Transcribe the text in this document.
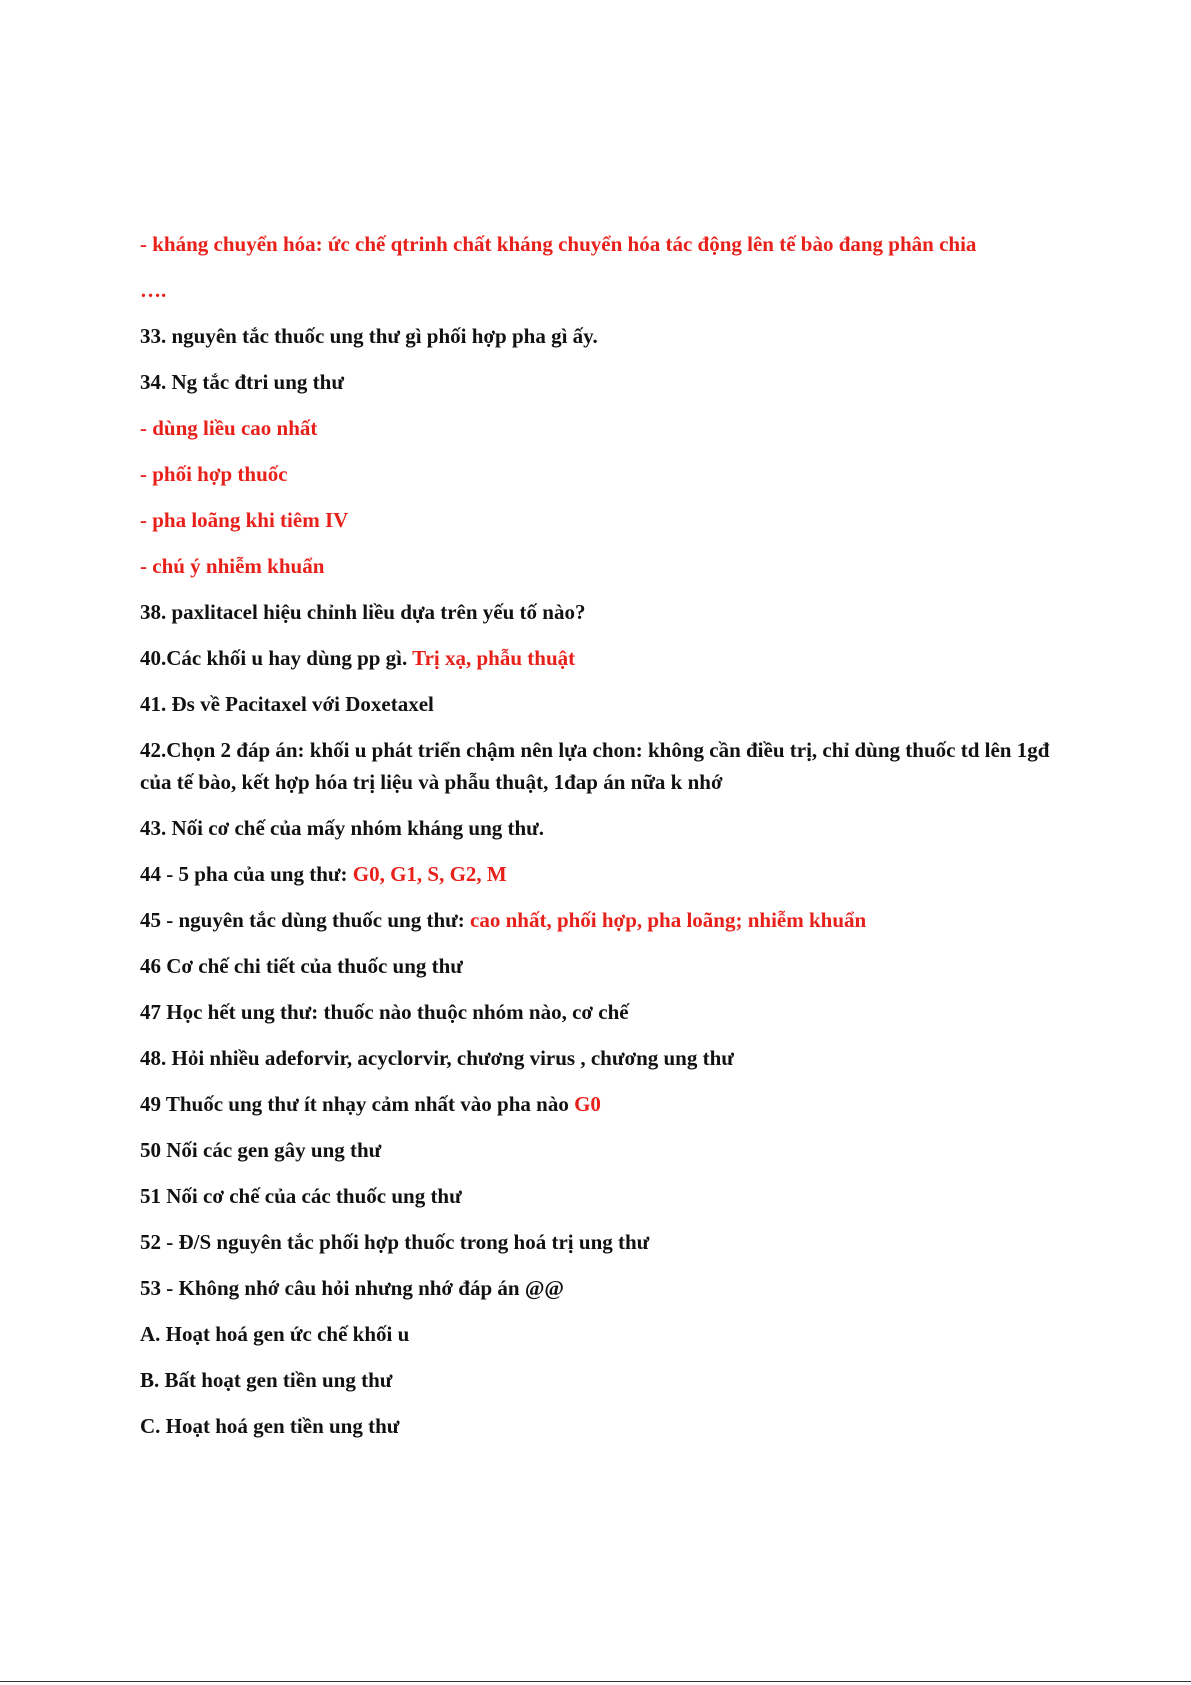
- kháng chuyển hóa: ức chế qtrinh chất kháng chuyển hóa tác động lên tế bào đang phân chia

….

33. nguyên tắc thuốc ung thư gì phối hợp pha gì ấy.

34. Ng tắc đtri ung thư

- dùng liều cao nhất

- phối hợp thuốc

- pha loãng khi tiêm IV

- chú ý nhiễm khuẩn

38. paxlitacel hiệu chỉnh liều dựa trên yếu tố nào?

40.Các khối u hay dùng pp gì. Trị xạ, phẫu thuật

41. Đs về Pacitaxel với Doxetaxel

42.Chọn 2 đáp án: khối u phát triển chậm nên lựa chon: không cần điều trị, chỉ dùng thuốc td lên 1gđ của tế bào, kết hợp hóa trị liệu và phẫu thuật, 1đap án nữa k nhớ

43. Nối cơ chế của mấy nhóm kháng ung thư.

44 - 5 pha của ung thư: G0, G1, S, G2, M

45 - nguyên tắc dùng thuốc ung thư: cao nhất, phối hợp, pha loãng; nhiễm khuẩn

46 Cơ chế chi tiết của thuốc ung thư

47 Học hết ung thư: thuốc nào thuộc nhóm nào, cơ chế

48. Hỏi nhiều adeforvir, acyclorvir, chương virus , chương ung thư

49 Thuốc ung thư ít nhạy cảm nhất vào pha nào G0

50 Nối các gen gây ung thư

51 Nối cơ chế của các thuốc ung thư

52 - Đ/S nguyên tắc phối hợp thuốc trong hoá trị ung thư

53 - Không nhớ câu hỏi nhưng nhớ đáp án @@

A. Hoạt hoá gen ức chế khối u

B. Bất hoạt gen tiền ung thư

C. Hoạt hoá gen tiền ung thư
